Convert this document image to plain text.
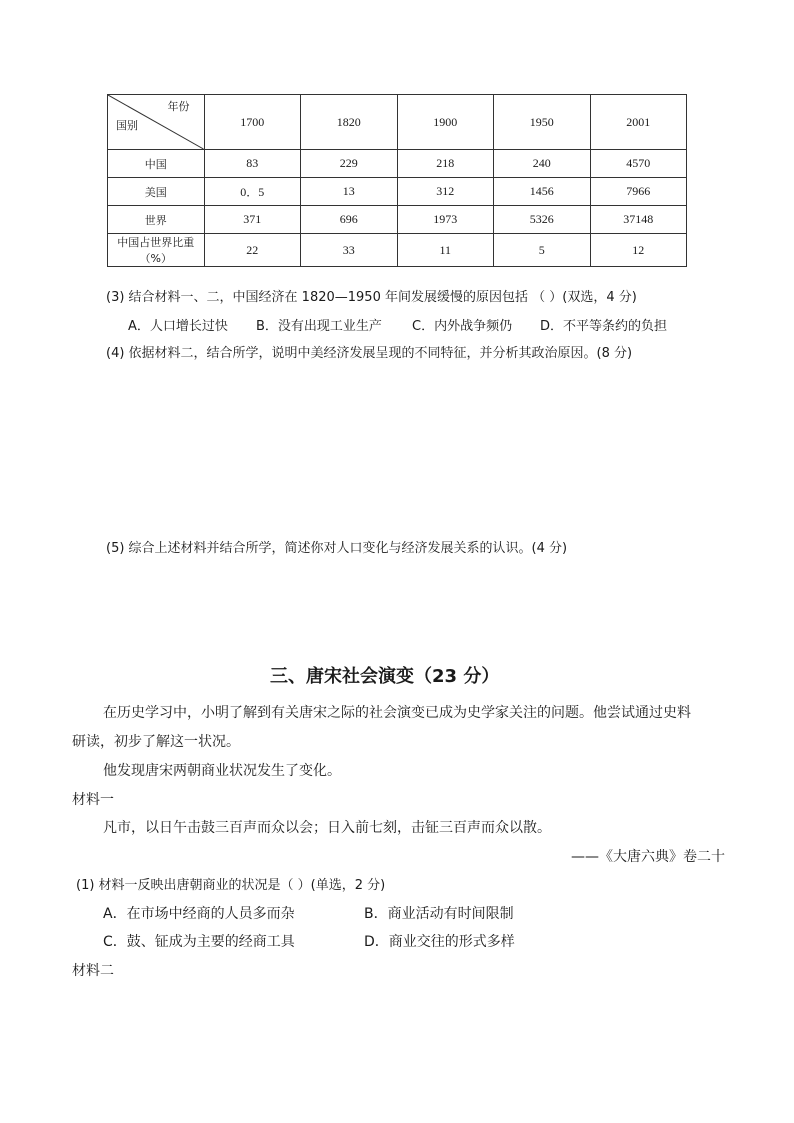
年份
国别	1700	1820	1900	1950	2001
中国	83	229	218	240	4570
美国	0．5	13	312	1456	7966
世界	371	696	1973	5326	37148
中国占世界比重（%）	22	33	11	5	12
(3) 结合材料一、二，中国经济在 1820—1950 年间发展缓慢的原因包括 （ ）(双选，4 分)
A．人口增长过快 B．没有出现工业生产 C．内外战争频仍 D．不平等条约的负担
(4) 依据材料二，结合所学，说明中美经济发展呈现的不同特征，并分析其政治原因。(8 分)
(5) 综合上述材料并结合所学，简述你对人口变化与经济发展关系的认识。(4 分)
三、唐宋社会演变（23 分）
在历史学习中，小明了解到有关唐宋之际的社会演变已成为史学家关注的问题。他尝试通过史料
研读，初步了解这一状况。
他发现唐宋两朝商业状况发生了变化。
材料一
凡市，以日午击鼓三百声而众以会；日入前七刻，击钲三百声而众以散。
——《大唐六典》卷二十
(1) 材料一反映出唐朝商业的状况是（ ）(单选，2 分)
A．在市场中经商的人员多而杂	B．商业活动有时间限制
C．鼓、钲成为主要的经商工具	D．商业交往的形式多样
材料二
